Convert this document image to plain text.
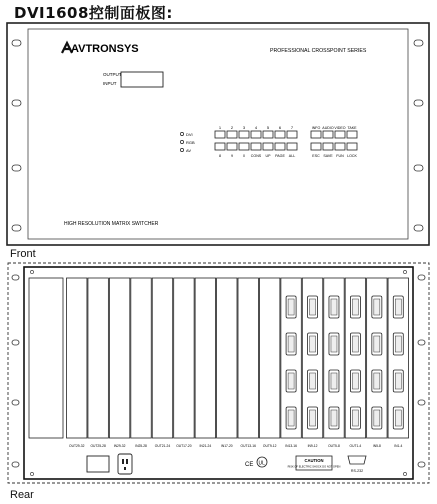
DVI1608控制面板图:
AVTRONSYS	PROFESSIONAL CROSSPOINT SERIES
OUTPUT
INPUT
DVI
RGB
AV
1 2 3 4 5 6 7
8	9	0 CONS UP PAGE ALL
INFO AUDIO VIDEO TAKE
ESC SAVE FUN LOCK
HIGH RESOLUTION MATRIX SWITCHER
OUT29-32 OUT25-28 IN29-32	IN25-28 OUT21-24 OUT17-20 IN21-24	IN17-20 OUT13-16 OUT9-12	IN13-16	IN9-12	OUT5-8	OUT1-4	IN5-8	IN1-4
CE UL	CAUTION
RISK OF ELECTRIC SHOCK DO NOT OPEN
RS-232
Front
Rear
